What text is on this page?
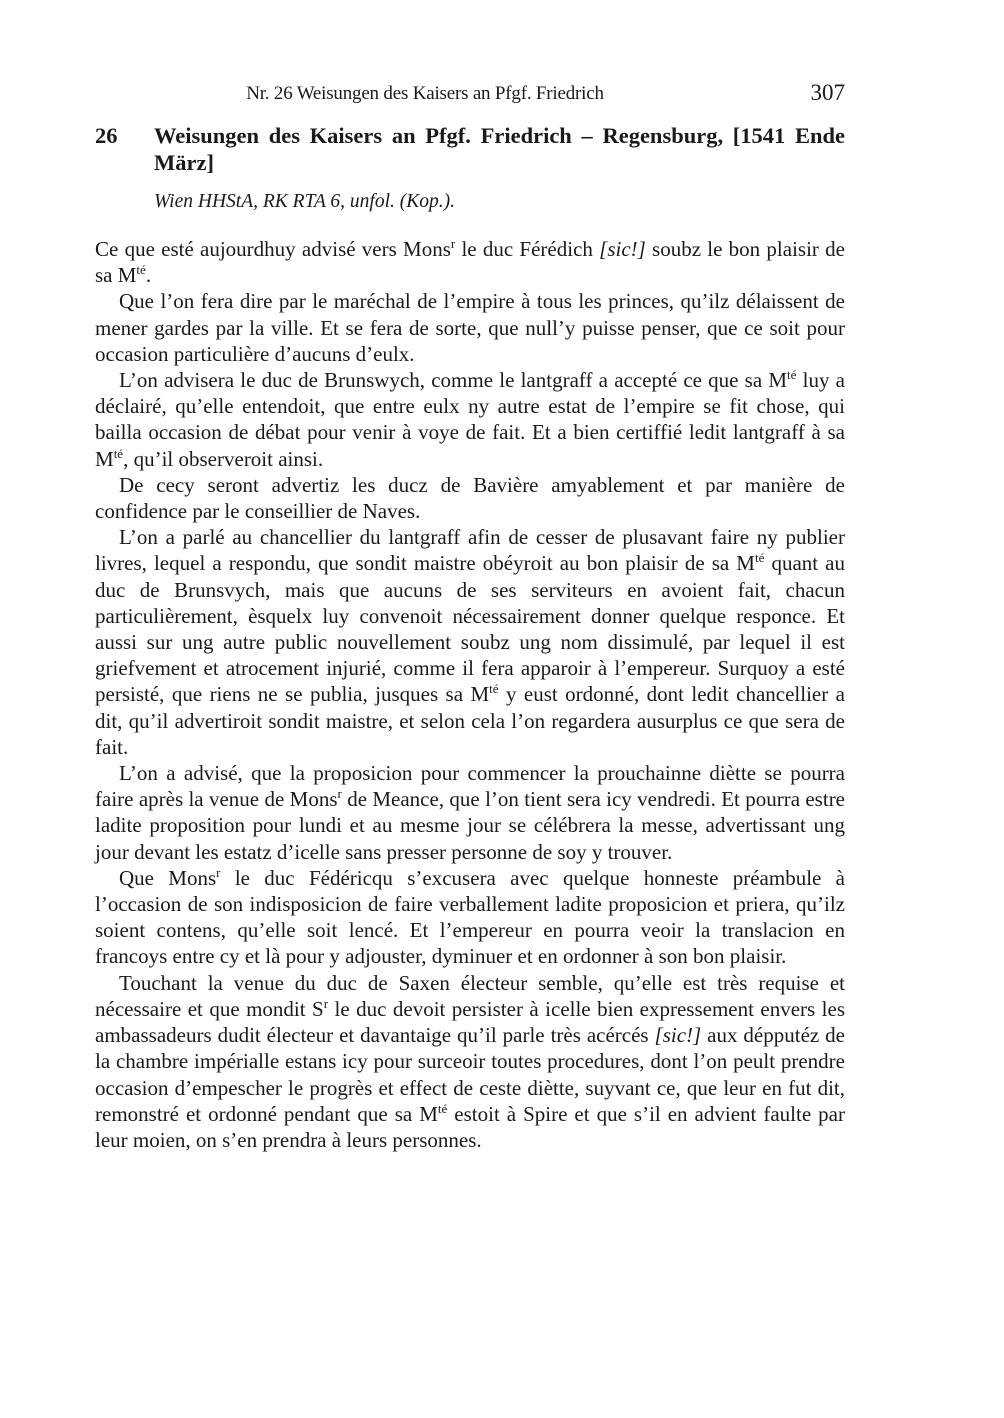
Nr. 26 Weisungen des Kaisers an Pfgf. Friedrich	307
26 Weisungen des Kaisers an Pfgf. Friedrich – Regensburg, [1541 Ende März]
Wien HHStA, RK RTA 6, unfol. (Kop.).

Ce que esté aujourdhuy advisé vers Mons$^r$ le duc Férédich [sic!] soubz le bon plaisir de sa $M^{té}$.

Que l’on fera dire par le maréchal de l’empire à tous les princes, qu’ilz délaissent de mener gardes par la ville. Et se fera de sorte, que null’y puisse penser, que ce soit pour occasion particulière d’aucuns d’eulx.

L’on advisera le duc de Brunswych, comme le lantgraff a accepté ce que sa $M^{té}$ luy a déclairé, qu’elle entendoit, que entre eulx ny autre estat de l’empire se fit chose, qui bailla occasion de débat pour venir à voye de fait. Et a bien certiffié ledit lantgraff à sa $M^{té}$, qu’il observeroit ainsi.

De cecy seront advertiz les ducz de Bavière amyablement et par manière de confidence par le conseillier de Naves.

L’on a parlé au chancellier du lantgraff afin de cesser de plusavant faire ny publier livres, lequel a respondu, que sondit maistre obéyroit au bon plaisir de sa $M^{té}$ quant au duc de Brunsvych, mais que aucuns de ses serviteurs en avoient fait, chacun particulièrement, èsquelx luy convenoit nécessairement donner quelque responce. Et aussi sur ung autre public nouvellement soubz ung nom dissimulé, par lequel il est griefvement et atrocement injurié, comme il fera apparoir à l’empereur. Surquoy a esté persisté, que riens ne se publia, jusques sa $M^{té}$ y eust ordonné, dont ledit chancellier a dit, qu’il advertiroit sondit maistre, et selon cela l’on regardera ausurplus ce que sera de fait.

L’on a advisé, que la proposicion pour commencer la prouchainne diètte se pourra faire après la venue de Mons$^r$ de Meance, que l’on tient sera icy vendredi. Et pourra estre ladite proposition pour lundi et au mesme jour se célébrera la messe, advertissant ung jour devant les estatz d’icelle sans presser personne de soy y trouver.

Que Mons$^r$ le duc Fédéricqu s’excusera avec quelque honneste préambule à l’occasion de son indisposicion de faire verballement ladite proposicion et priera, qu’ilz soient contens, qu’elle soit lencé. Et l’empereur en pourra veoir la translacion en francoys entre cy et là pour y adjouster, dyminuer et en ordonner à son bon plaisir.

Touchant la venue du duc de Saxen électeur semble, qu’elle est très requise et nécessaire et que mondit $S^r$ le duc devoit persister à icelle bien expressement envers les ambassadeurs dudit électeur et davantaige qu’il parle très acércés [sic!] aux dépputéz de la chambre impérialle estans icy pour surceoir toutes procedures, dont l’on peult prendre occasion d’empescher le progrès et effect de ceste diètte, suyvant ce, que leur en fut dit, remonstré et ordonné pendant que sa $M^{té}$ estoit à Spire et que s’il en advient faulte par leur moien, on s’en prendra à leurs personnes.
